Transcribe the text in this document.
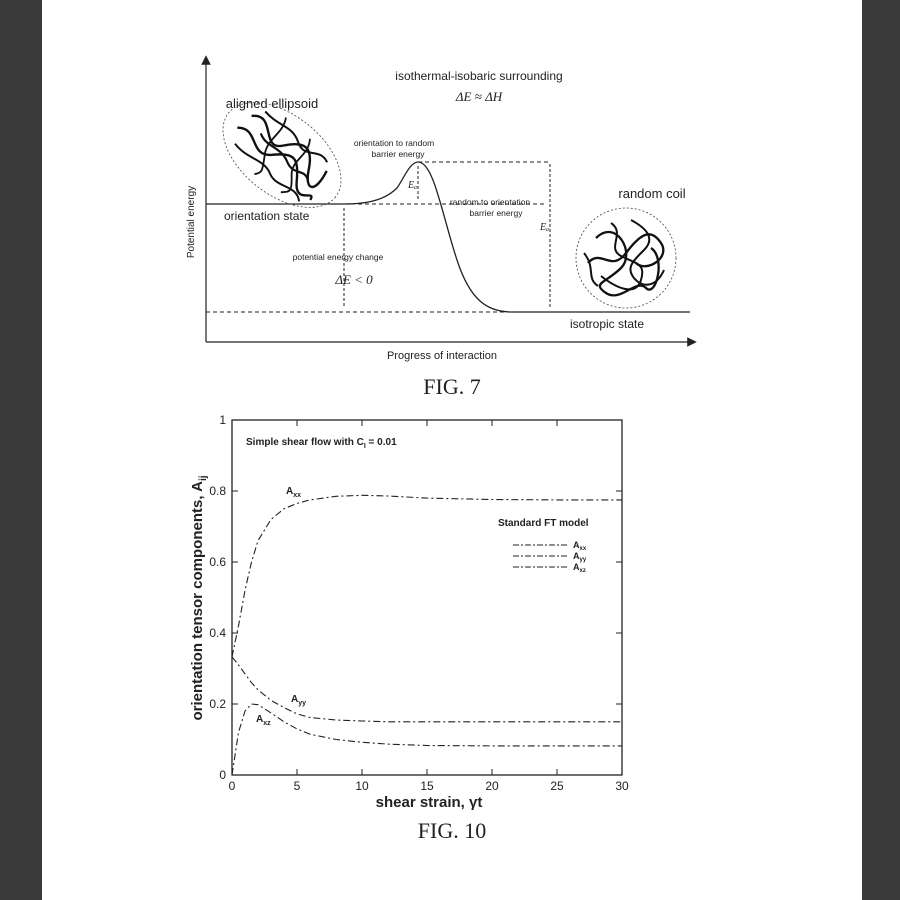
Potential energy
Progress of interaction
isothermal-isobaric surrounding
ΔE ≈ ΔH
orientation state
isotropic state
orientation to random
barrier energy
random to orientation
barrier energy
Eₐ
Eₐ
potential energy change
ΔE < 0
aligned ellipsoid
random coil
FIG. 7
0	5	10	15	20	25	30
0
0.2
0.4
0.6
0.8
1
$A_{xx}$
$A_{yy}$
$A_{xz}$
Simple shear flow with $C_I = 0.01$
Standard FT model
$A_{xx}$
$A_{yy}$
$A_{xz}$
orientation tensor components, $A_{ij}$
shear strain, γt
FIG. 10
